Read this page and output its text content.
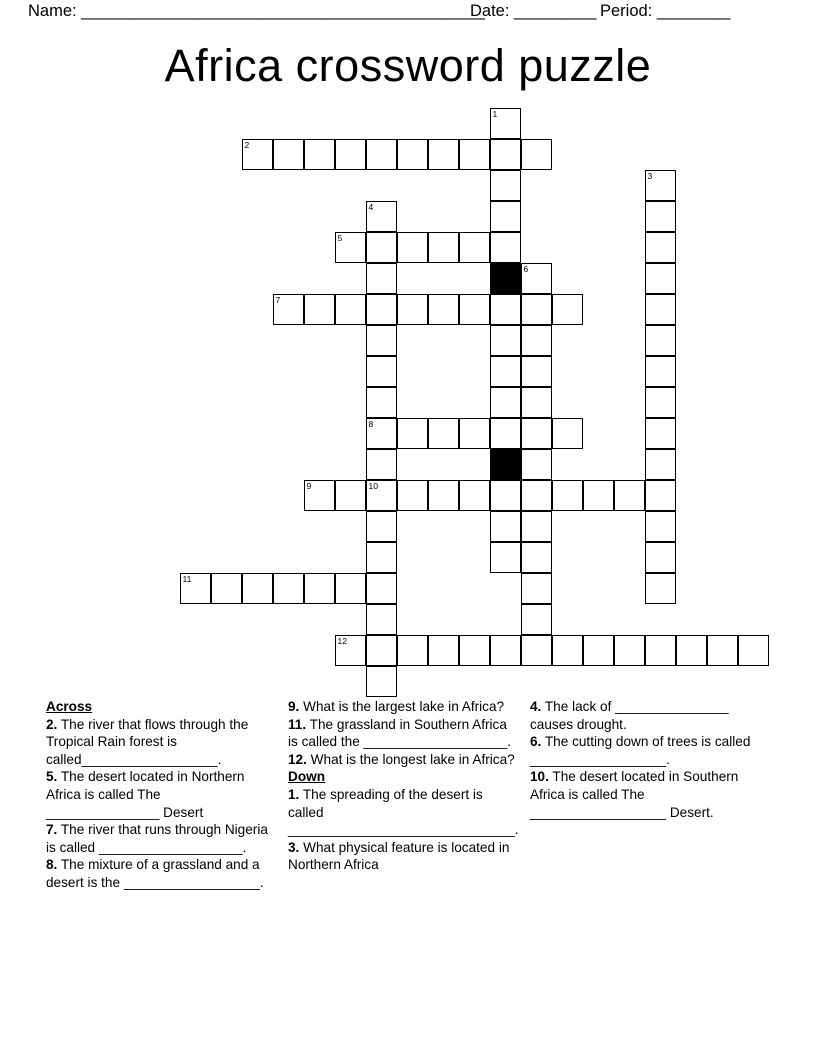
Name: ____________________________________________
Date: _________ Period: ________
Africa crossword puzzle
1
2
3
4
5
6
7
8
9	10
11
12
Across
2. The river that flows through the Tropical Rain forest is called__________________.
5. The desert located in Northern Africa is called The _______________ Desert
7. The river that runs through Nigeria is called ___________________.
8. The mixture of a grassland and a desert is the __________________.
9. What is the largest lake in Africa?
11. The grassland in Southern Africa is called the ___________________.
12. What is the longest lake in Africa?
Down
1. The spreading of the desert is called ______________________________.
3. What physical feature is located in Northern Africa
4. The lack of _______________ causes drought.
6. The cutting down of trees is called __________________.
10. The desert located in Southern Africa is called The __________________ Desert.
